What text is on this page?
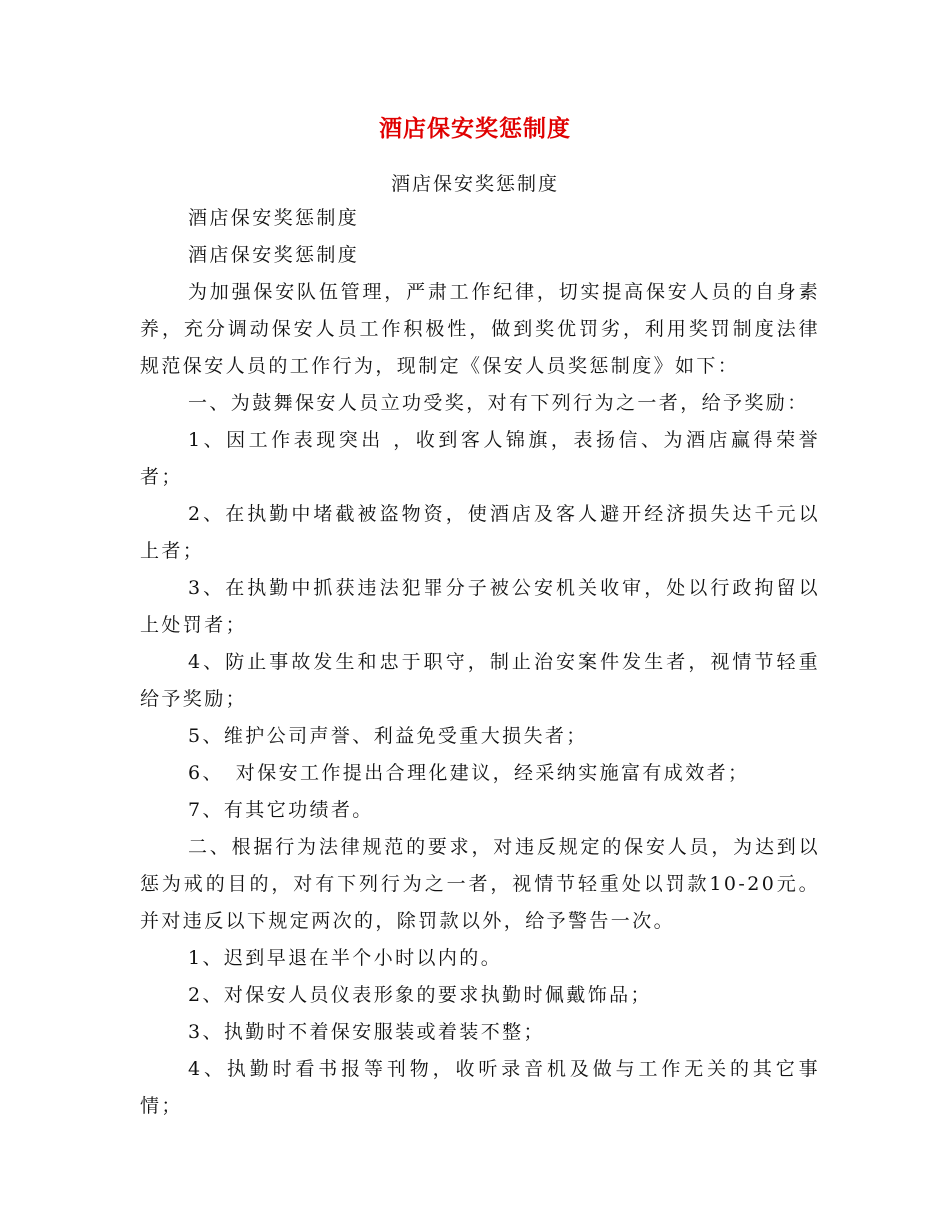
酒店保安奖惩制度
酒店保安奖惩制度

酒店保安奖惩制度

酒店保安奖惩制度

为加强保安队伍管理，严肃工作纪律，切实提高保安人员的自身素养，充分调动保安人员工作积极性，做到奖优罚劣，利用奖罚制度法律规范保安人员的工作行为，现制定《保安人员奖惩制度》如下：

一、为鼓舞保安人员立功受奖，对有下列行为之一者，给予奖励：

1、因工作表现突出 ，收到客人锦旗，表扬信、为酒店赢得荣誉者；

2、在执勤中堵截被盗物资，使酒店及客人避开经济损失达千元以上者；

3、在执勤中抓获违法犯罪分子被公安机关收审，处以行政拘留以上处罚者；

4、防止事故发生和忠于职守，制止治安案件发生者，视情节轻重给予奖励；

5、维护公司声誉、利益免受重大损失者；

6、　对保安工作提出合理化建议，经采纳实施富有成效者；

7、有其它功绩者。

二、根据行为法律规范的要求，对违反规定的保安人员，为达到以惩为戒的目的，对有下列行为之一者，视情节轻重处以罚款10-20元。并对违反以下规定两次的，除罚款以外，给予警告一次。

1、迟到早退在半个小时以内的。

2、对保安人员仪表形象的要求执勤时佩戴饰品；

3、执勤时不着保安服装或着装不整；

4、执勤时看书报等刊物，收听录音机及做与工作无关的其它事情；
